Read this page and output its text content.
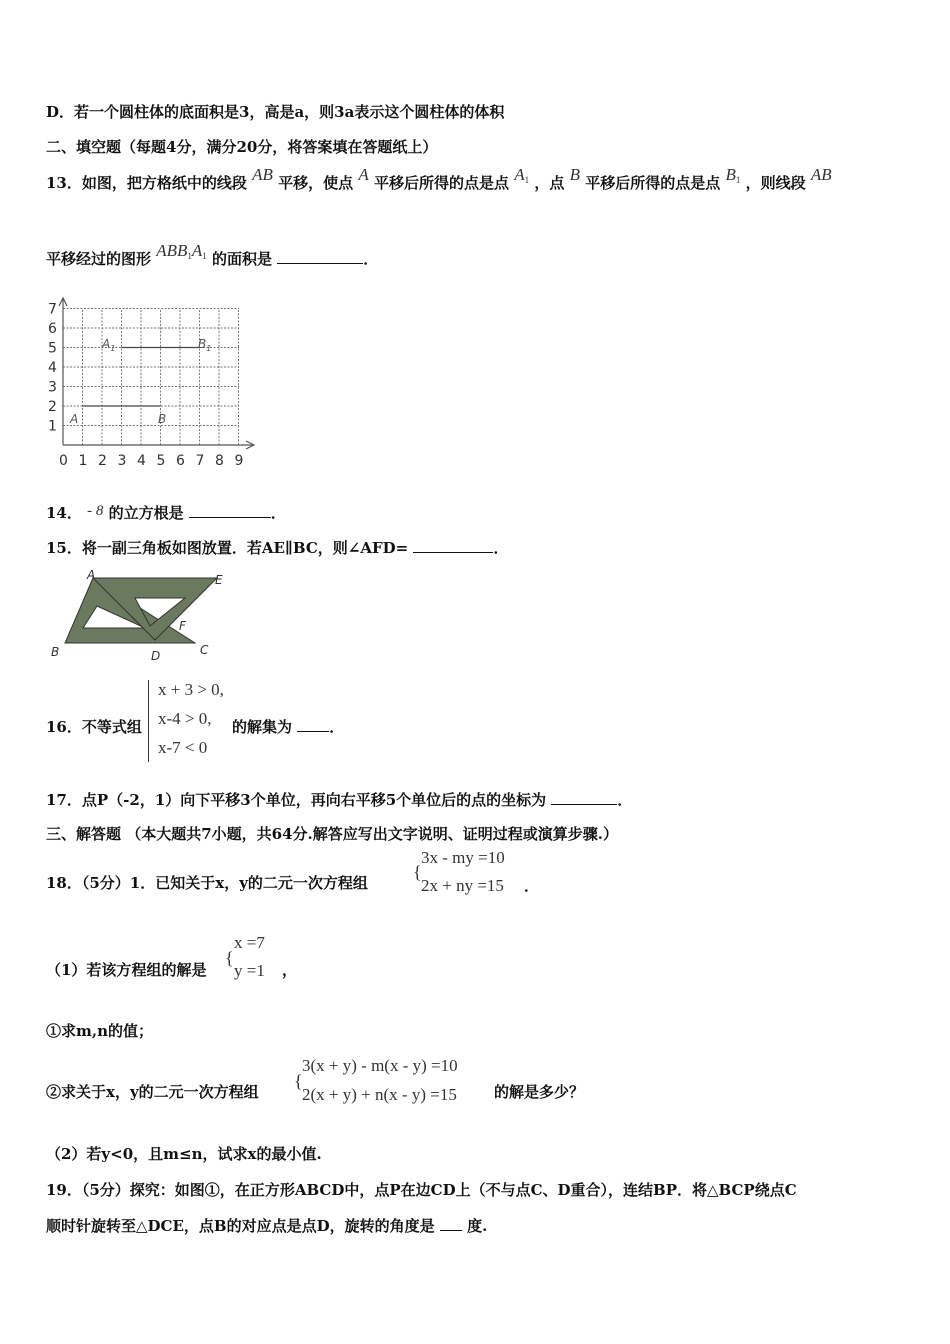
D．若一个圆柱体的底面积是3，高是a，则3a表示这个圆柱体的体积
二、填空题（每题4分，满分20分，将答案填在答题纸上）
13．如图，把方格纸中的线段 AB 平移，使点 A 平移后所得的点是点 A1 ，点 B 平移后所得的点是点 B1 ，则线段 AB
平移经过的图形 ABB1A1 的面积是	．
0 1 2 3 4 5 6 7 8 9
1
2
3
4
5
6
7
A	B
$A_1$	$B_1$
14． - 8 的立方根是	．
15．将一副三角板如图放置．若AE∥BC，则∠AFD=	．
A	E
B	D
F
C
16．不等式组
x + 3 > 0,
x-4 > 0,
x-7 < 0
的解集为 ．
17．点P（-2，1）向下平移3个单位，再向右平移5个单位后的点的坐标为	．
三、解答题 （本大题共7小题，共64分.解答应写出文字说明、证明过程或演算步骤.）
18．（5分）1．已知关于x，y的二元一次方程组
{
3x - my =10
2x + ny =15 ．
（1）若该方程组的解是
{
x =7
y =1 ，
①求m,n的值；
②求关于x，y的二元一次方程组
{
3(x + y) - m(x - y) =10
2(x + y) + n(x - y) =15 的解是多少？
（2）若y<0，且m≤n，试求x的最小值.
19．（5分）探究：如图①，在正方形ABCD中，点P在边CD上（不与点C、D重合），连结BP．将△BCP绕点C
顺时针旋转至△DCE，点B的对应点是点D，旋转的角度是 度.
